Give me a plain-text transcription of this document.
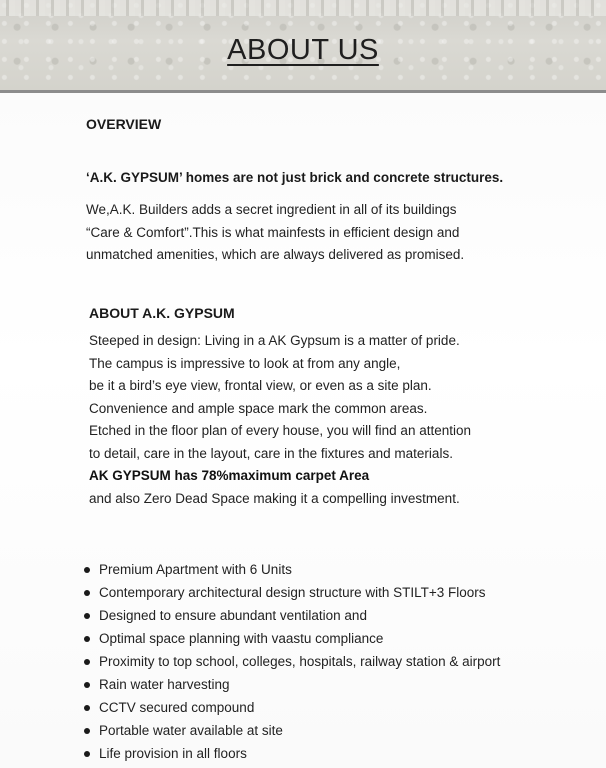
ABOUT US
OVERVIEW
‘A.K. GYPSUM’ homes are not just brick and concrete structures.
We,A.K. Builders adds a secret ingredient in all of its buildings
“Care & Comfort”.This is what mainfests in efficient design and
unmatched amenities, which are always delivered as promised.
ABOUT A.K. GYPSUM
Steeped in design: Living in a AK Gypsum is a matter of pride.
The campus is impressive to look at from any angle,
be it a bird’s eye view, frontal view, or even as a site plan.
Convenience and ample space mark the common areas.
Etched in the floor plan of every house, you will find an attention
to detail, care in the layout, care in the fixtures and materials.
AK GYPSUM has 78%maximum carpet Area
and also Zero Dead Space making it a compelling investment.
Premium Apartment with 6 Units
Contemporary architectural design structure with STILT+3 Floors
Designed to ensure abundant ventilation and
Optimal space planning with vaastu compliance
Proximity to top school, colleges, hospitals, railway station & airport
Rain water harvesting
CCTV secured compound
Portable water available at site
Life provision in all floors
